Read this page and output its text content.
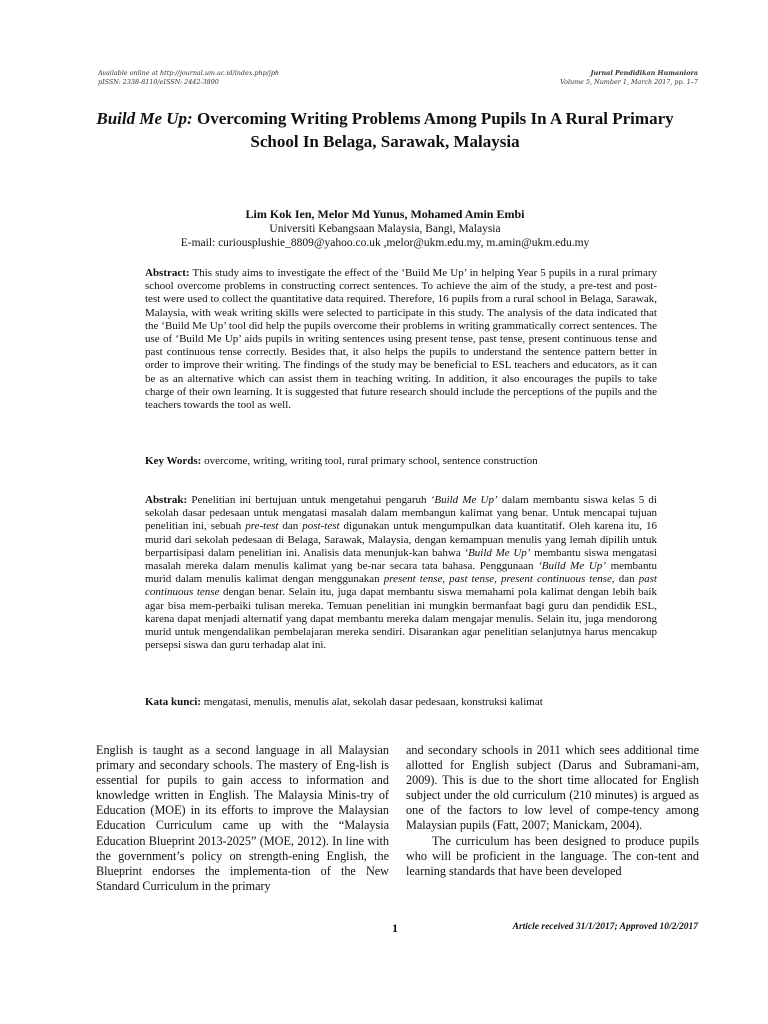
Available online at http://journal.um.ac.id/index.php/jph
pISSN: 2338-8110/eISSN: 2442-3890
Jurnal Pendidikan Humaniora
Volume 5, Number 1, March 2017, pp. 1–7
Build Me Up: Overcoming Writing Problems Among Pupils In A Rural Primary School In Belaga, Sarawak, Malaysia
Lim Kok Ien, Melor Md Yunus, Mohamed Amin Embi
Universiti Kebangsaan Malaysia, Bangi, Malaysia
E-mail: curiousplushie_8809@yahoo.co.uk ,melor@ukm.edu.my, m.amin@ukm.edu.my
Abstract: This study aims to investigate the effect of the ‘Build Me Up’ in helping Year 5 pupils in a rural primary school overcome problems in constructing correct sentences. To achieve the aim of the study, a pre-test and post-test were used to collect the quantitative data required. Therefore, 16 pupils from a rural school in Belaga, Sarawak, Malaysia, with weak writing skills were selected to participate in this study. The analysis of the data indicated that the ‘Build Me Up’ tool did help the pupils overcome their problems in writing grammatically correct sentences. The use of ‘Build Me Up’ aids pupils in writing sentences using present tense, past tense, present continuous tense and past continuous tense correctly. Besides that, it also helps the pupils to understand the sentence pattern better in order to improve their writing. The findings of the study may be beneficial to ESL teachers and educators, as it can be as an alternative which can assist them in teaching writing. In addition, it also encourages the pupils to take charge of their own learning. It is suggested that future research should include the perceptions of the pupils and the teachers towards the tool as well.
Key Words: overcome, writing, writing tool, rural primary school, sentence construction
Abstrak: Penelitian ini bertujuan untuk mengetahui pengaruh ‘Build Me Up’ dalam membantu siswa kelas 5 di sekolah dasar pedesaan untuk mengatasi masalah dalam membangun kalimat yang benar. Untuk mencapai tujuan penelitian ini, sebuah pre-test dan post-test digunakan untuk mengumpulkan data kuantitatif. Oleh karena itu, 16 murid dari sekolah pedesaan di Belaga, Sarawak, Malaysia, dengan kemampuan menulis yang lemah dipilih untuk berpartisipasi dalam penelitian ini. Analisis data menunjuk-kan bahwa ‘Build Me Up’ membantu siswa mengatasi masalah mereka dalam menulis kalimat yang be-nar secara tata bahasa. Penggunaan ‘Build Me Up’ membantu murid dalam menulis kalimat dengan menggunakan present tense, past tense, present continuous tense, dan past continuous tense dengan benar. Selain itu, juga dapat membantu siswa memahami pola kalimat dengan lebih baik agar bisa mem-perbaiki tulisan mereka. Temuan penelitian ini mungkin bermanfaat bagi guru dan pendidik ESL, karena dapat menjadi alternatif yang dapat membantu mereka dalam mengajar menulis. Selain itu, juga mendorong murid untuk mengendalikan pembelajaran mereka sendiri. Disarankan agar penelitian selanjutnya harus mencakup persepsi siswa dan guru terhadap alat ini.
Kata kunci: mengatasi, menulis, menulis alat, sekolah dasar pedesaan, konstruksi kalimat

English is taught as a second language in all Malaysian primary and secondary schools. The mastery of Eng-lish is essential for pupils to gain access to information and knowledge written in English. The Malaysia Minis-try of Education (MOE) in its efforts to improve the Malaysian Education Curriculum came up with the “Malaysia Education Blueprint 2013-2025” (MOE, 2012). In line with the government’s policy on strength-ening English, the Blueprint endorses the implementa-tion of the New Standard Curriculum in the primary

and secondary schools in 2011 which sees additional time allotted for English subject (Darus and Subramani-am, 2009). This is due to the short time allocated for English subject under the old curriculum (210 minutes) is argued as one of the factors to low level of compe-tency among Malaysian pupils (Fatt, 2007; Manickam, 2004).

The curriculum has been designed to produce pupils who will be proficient in the language. The con-tent and learning standards that have been developed

1	Article received 31/1/2017; Approved 10/2/2017
